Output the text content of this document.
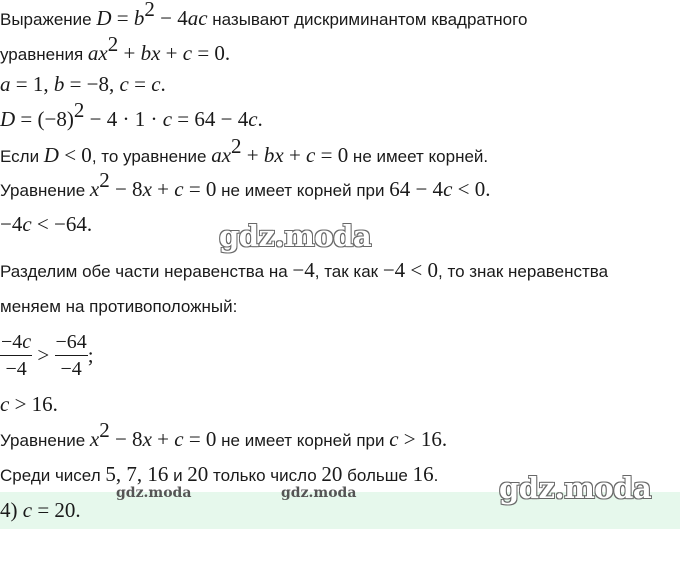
Выражение $D = b^2 - 4ac$ называют дискриминантом квадратного
уравнения $ax^2$ + bx + c = 0.
a = 1, b = −8, c = c.
$D = (-8)^2 - 4 \cdot 1 \cdot c = 64 - 4c$.
Если D < 0, то уравнение $ax^2$ + bx + c = 0 не имеет корней.
Уравнение $x^2 - 8x + c = 0$ не имеет корней при 64 − 4c < 0.
−4c < −64.
Разделим обе части неравенства на −4, так как −4 < 0, то знак неравенства
меняем на противоположный:
$\frac{-4c}{-4} > \frac{-64}{-4}$ ;
c > 16.
Уравнение $x^2 - 8x + c = 0$ не имеет корней при c > 16.
Среди чисел 5, 7, 16 и 20 только число 20 больше 16.
4) c = 20.
gdz.moda
gdz.moda
gdz.moda	gdz.moda
